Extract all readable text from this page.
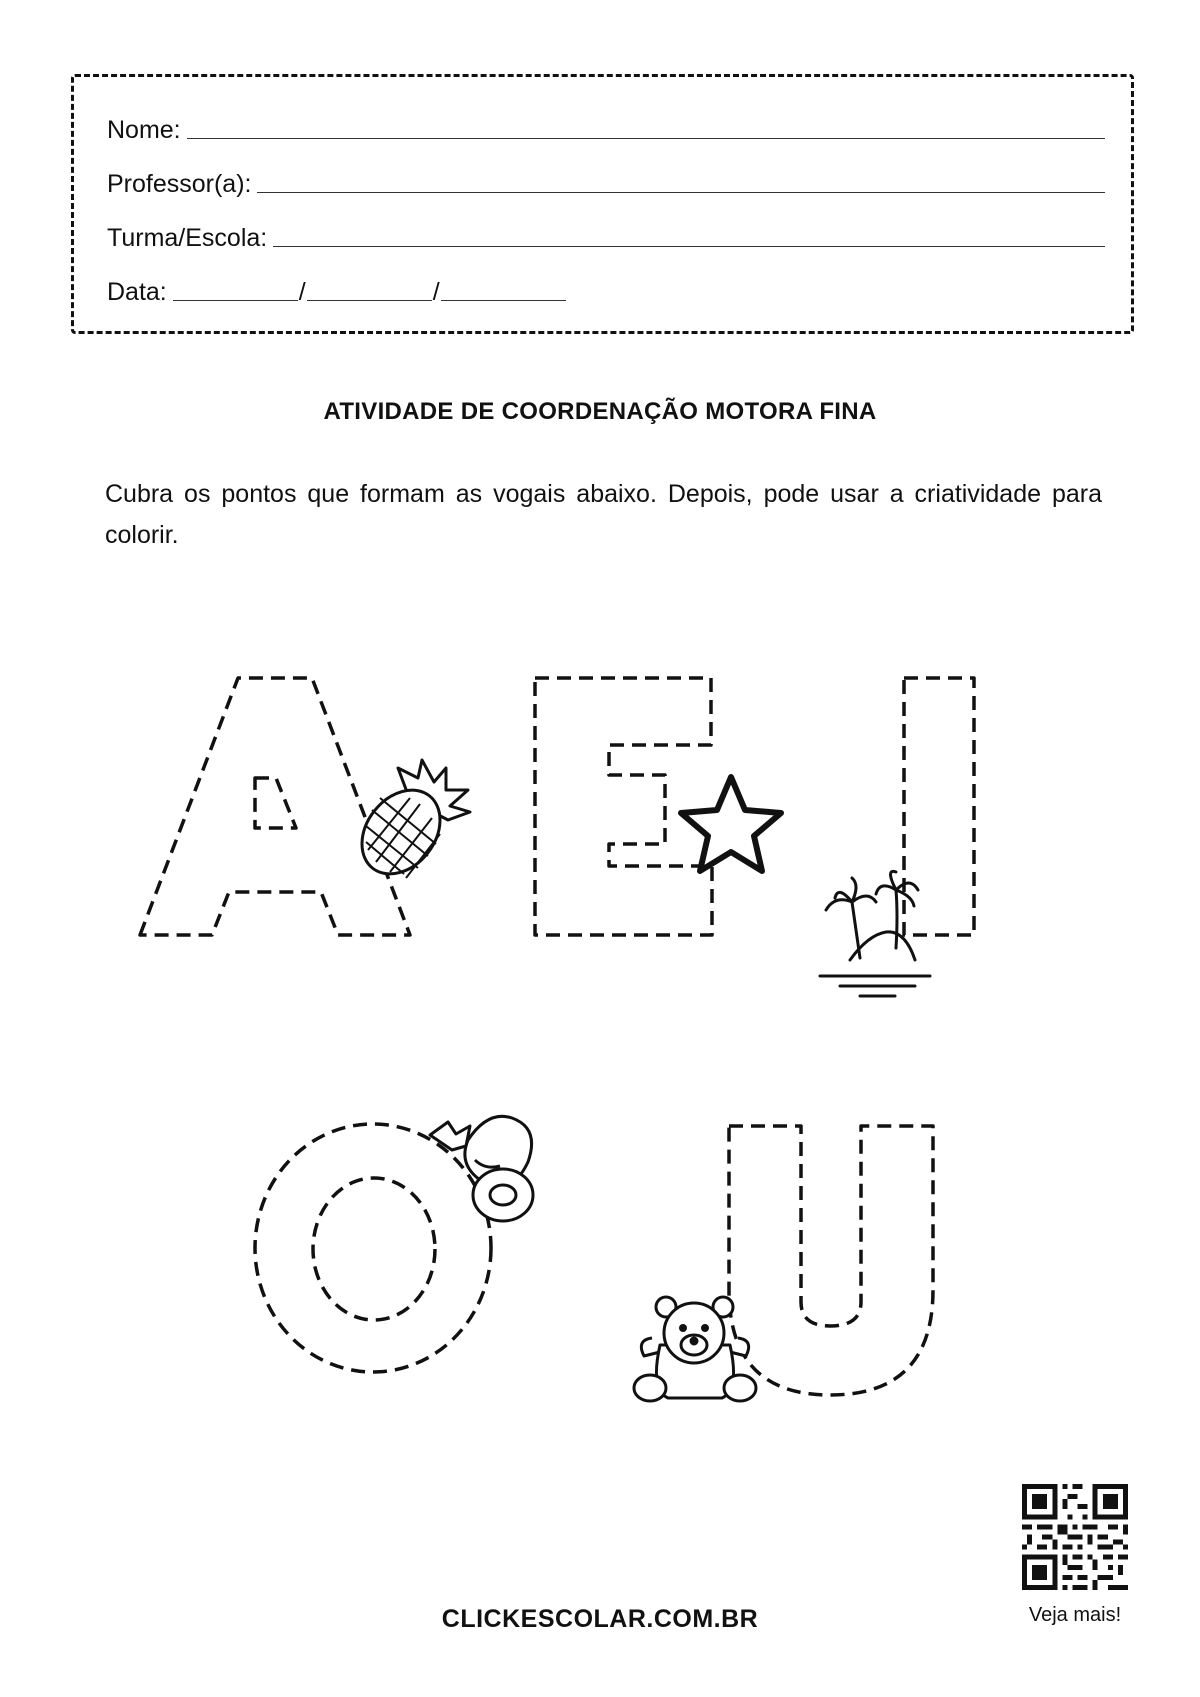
Nome:
Professor(a):
Turma/Escola:
Data:	/	/
ATIVIDADE DE COORDENAÇÃO MOTORA FINA
Cubra os pontos que formam as vogais abaixo. Depois, pode usar a criatividade para colorir.
Veja mais!
CLICKESCOLAR.COM.BR
